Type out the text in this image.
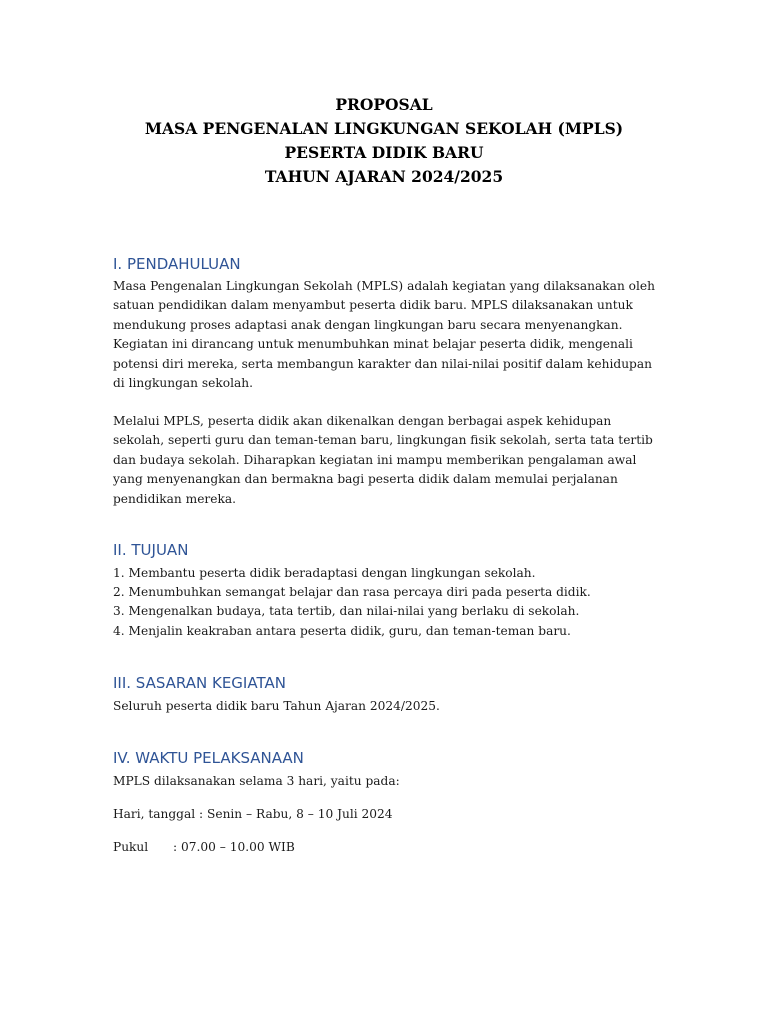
PROPOSAL

MASA PENGENALAN LINGKUNGAN SEKOLAH (MPLS)

PESERTA DIDIK BARU

TAHUN AJARAN 2024/2025

I. PENDAHULUAN

Masa Pengenalan Lingkungan Sekolah (MPLS) adalah kegiatan yang dilaksanakan oleh satuan pendidikan dalam menyambut peserta didik baru. MPLS dilaksanakan untuk mendukung proses adaptasi anak dengan lingkungan baru secara menyenangkan. Kegiatan ini dirancang untuk menumbuhkan minat belajar peserta didik, mengenali potensi diri mereka, serta membangun karakter dan nilai-nilai positif dalam kehidupan di lingkungan sekolah.

Melalui MPLS, peserta didik akan dikenalkan dengan berbagai aspek kehidupan sekolah, seperti guru dan teman-teman baru, lingkungan fisik sekolah, serta tata tertib dan budaya sekolah. Diharapkan kegiatan ini mampu memberikan pengalaman awal yang menyenangkan dan bermakna bagi peserta didik dalam memulai perjalanan pendidikan mereka.

II. TUJUAN
1. Membantu peserta didik beradaptasi dengan lingkungan sekolah.
2. Menumbuhkan semangat belajar dan rasa percaya diri pada peserta didik.
3. Mengenalkan budaya, tata tertib, dan nilai-nilai yang berlaku di sekolah.
4. Menjalin keakraban antara peserta didik, guru, dan teman-teman baru.
III. SASARAN KEGIATAN

Seluruh peserta didik baru Tahun Ajaran 2024/2025.

IV. WAKTU PELAKSANAAN

MPLS dilaksanakan selama 3 hari, yaitu pada:

Hari, tanggal : Senin – Rabu, 8 – 10 Juli 2024

Pukul : 07.00 – 10.00 WIB
